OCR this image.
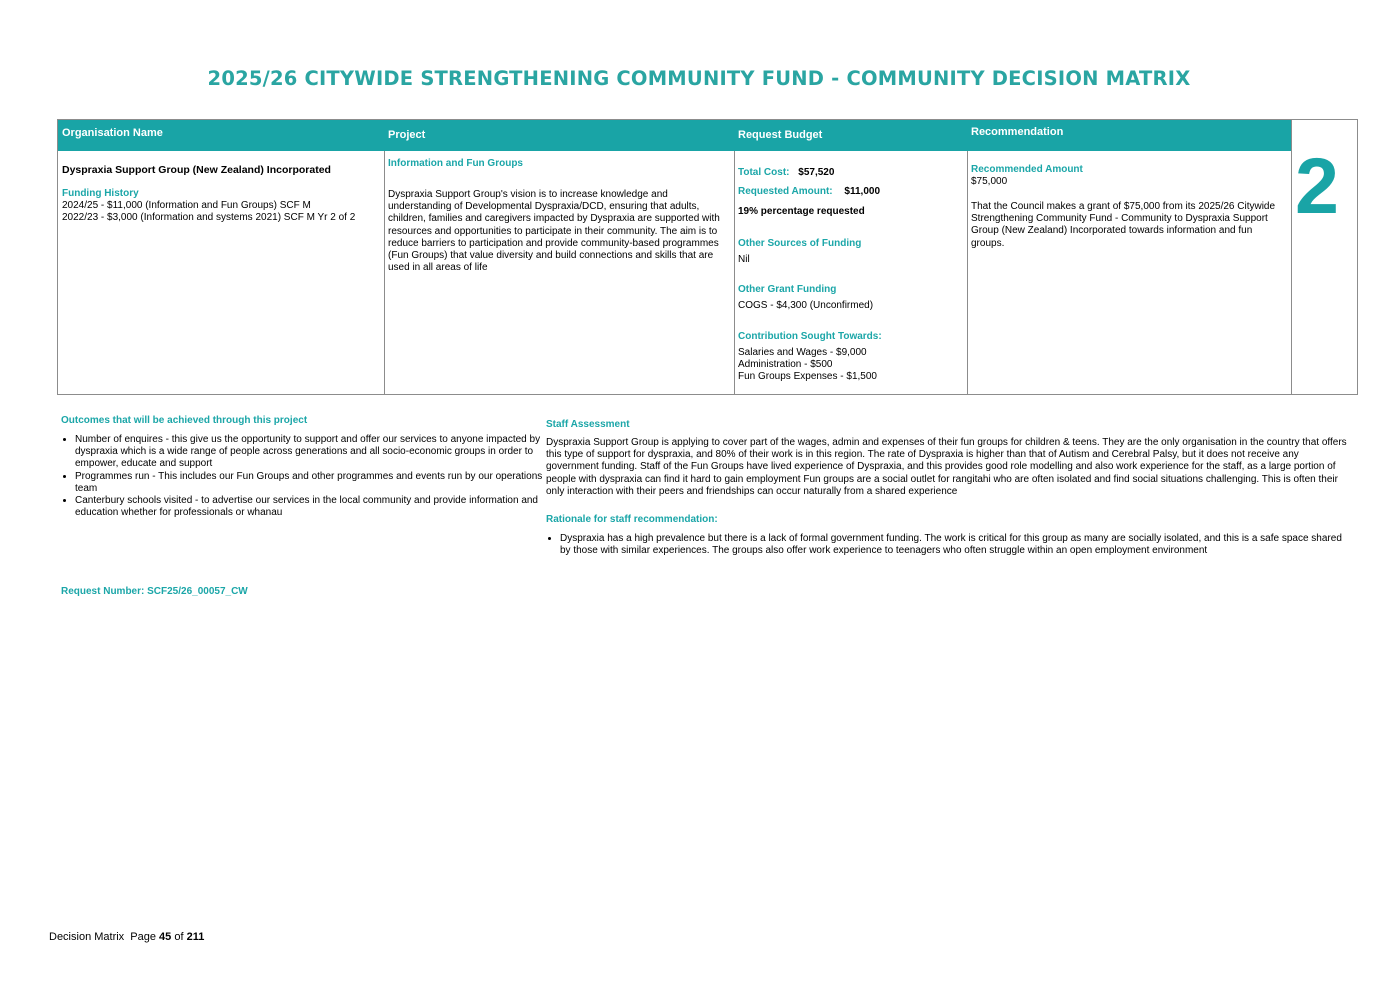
2025/26 CITYWIDE STRENGTHENING COMMUNITY FUND - COMMUNITY DECISION MATRIX
Organisation Name
Dyspraxia Support Group (New Zealand) Incorporated
Funding History
2024/25 - $11,000 (Information and Fun Groups) SCF M
2022/23 - $3,000 (Information and systems 2021) SCF M Yr 2 of 2
Project
Information and Fun Groups
Dyspraxia Support Group's vision is to increase knowledge and understanding of Developmental Dyspraxia/DCD, ensuring that adults, children, families and caregivers impacted by Dyspraxia are supported with resources and opportunities to participate in their community. The aim is to reduce barriers to participation and provide community-based programmes (Fun Groups) that value diversity and build connections and skills that are used in all areas of life
Request Budget
Total Cost: $57,520
Requested Amount: $11,000
19% percentage requested
Other Sources of Funding
Nil
Other Grant Funding
COGS - $4,300 (Unconfirmed)
Contribution Sought Towards:
Salaries and Wages - $9,000
Administration - $500
Fun Groups Expenses - $1,500
Recommendation
Recommended Amount
$75,000
That the Council makes a grant of $75,000 from its 2025/26 Citywide Strengthening Community Fund - Community to Dyspraxia Support Group (New Zealand) Incorporated towards information and fun groups.
2
Outcomes that will be achieved through this project
• Number of enquires - this give us the opportunity to support and offer our services to anyone impacted by dyspraxia which is a wide range of people across generations and all socio-economic groups in order to empower, educate and support
• Programmes run - This includes our Fun Groups and other programmes and events run by our operations team
• Canterbury schools visited - to advertise our services in the local community and provide information and education whether for professionals or whanau
Staff Assessment
Dyspraxia Support Group is applying to cover part of the wages, admin and expenses of their fun groups for children & teens. They are the only organisation in the country that offers this type of support for dyspraxia, and 80% of their work is in this region. The rate of Dyspraxia is higher than that of Autism and Cerebral Palsy, but it does not receive any government funding. Staff of the Fun Groups have lived experience of Dyspraxia, and this provides good role modelling and also work experience for the staff, as a large portion of people with dyspraxia can find it hard to gain employment Fun groups are a social outlet for rangitahi who are often isolated and find social situations challenging. This is often their only interaction with their peers and friendships can occur naturally from a shared experience
Rationale for staff recommendation:
• Dyspraxia has a high prevalence but there is a lack of formal government funding. The work is critical for this group as many are socially isolated, and this is a safe space shared by those with similar experiences. The groups also offer work experience to teenagers who often struggle within an open employment environment
Request Number: SCF25/26_00057_CW
Decision Matrix  Page 45 of 211
